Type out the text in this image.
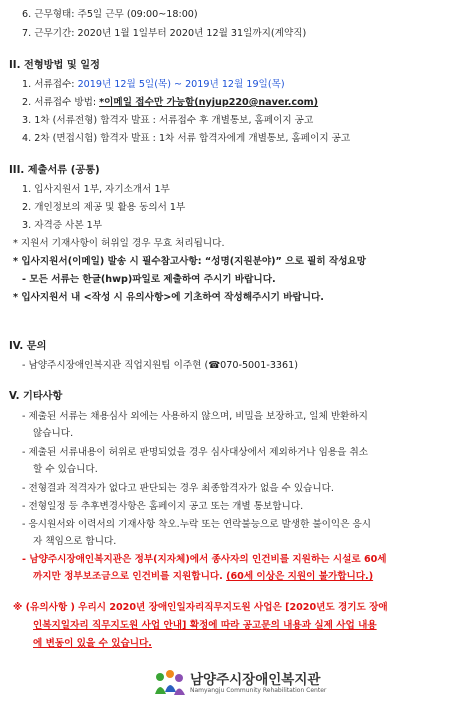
6. 근무형태: 주5일 근무 (09:00~18:00)
7. 근무기간: 2020년 1월 1일부터 2020년 12월 31일까지(계약직)
II. 전형방법 및 일정
1. 서류접수: 2019년 12월 5일(목) ~ 2019년 12월 19일(목)
2. 서류접수 방법: *이메일 접수만 가능함(nyjup220@naver.com)
3. 1차 (서류전형) 합격자 발표 : 서류접수 후 개별통보, 홈페이지 공고
4. 2차 (면접시험) 합격자 발표 : 1차 서류 합격자에게 개별통보, 홈페이지 공고
III. 제출서류 (공통)
1. 입사지원서 1부, 자기소개서 1부
2. 개인정보의 제공 및 활용 동의서 1부
3. 자격증 사본 1부
* 지원서 기재사항이 허위일 경우 무효 처리됩니다.
* 입사지원서(이메일) 발송 시 필수참고사항: “성명(지원분야)” 으로 필히 작성요망
- 모든 서류는 한글(hwp)파일로 제출하여 주시기 바랍니다.
* 입사지원서 내 <작성 시 유의사항>에 기초하여 작성해주시기 바랍니다.
IV. 문의
- 남양주시장애인복지관 직업지원팀 이주현 (☎070-5001-3361)
V. 기타사항
- 제출된 서류는 채용심사 외에는 사용하지 않으며, 비밀을 보장하고, 일체 반환하지
않습니다.
- 제출된 서류내용이 허위로 판명되었을 경우 심사대상에서 제외하거나 임용을 취소
할 수 있습니다.
- 전형결과 적격자가 없다고 판단되는 경우 최종합격자가 없을 수 있습니다.
- 전형일정 등 추후변경사항은 홈페이지 공고 또는 개별 통보합니다.
- 응시원서와 이력서의 기재사항 착오.누락 또는 연락불능으로 발생한 불이익은 응시
자 책임으로 합니다.
- 남양주시장애인복지관은 정부(지자체)에서 종사자의 인건비를 지원하는 시설로 60세
까지만 정부보조금으로 인건비를 지원합니다. (60세 이상은 지원이 불가합니다.)
※ (유의사항 ) 우리시 2020년 장애인일자리직무지도원 사업은 [2020년도 경기도 장애
인복지일자리 직무지도원 사업 안내] 확정에 따라 공고문의 내용과 실제 사업 내용
에 변동이 있을 수 있습니다.
남양주시장애인복지관
Namyangju Community Rehabilitation Center
